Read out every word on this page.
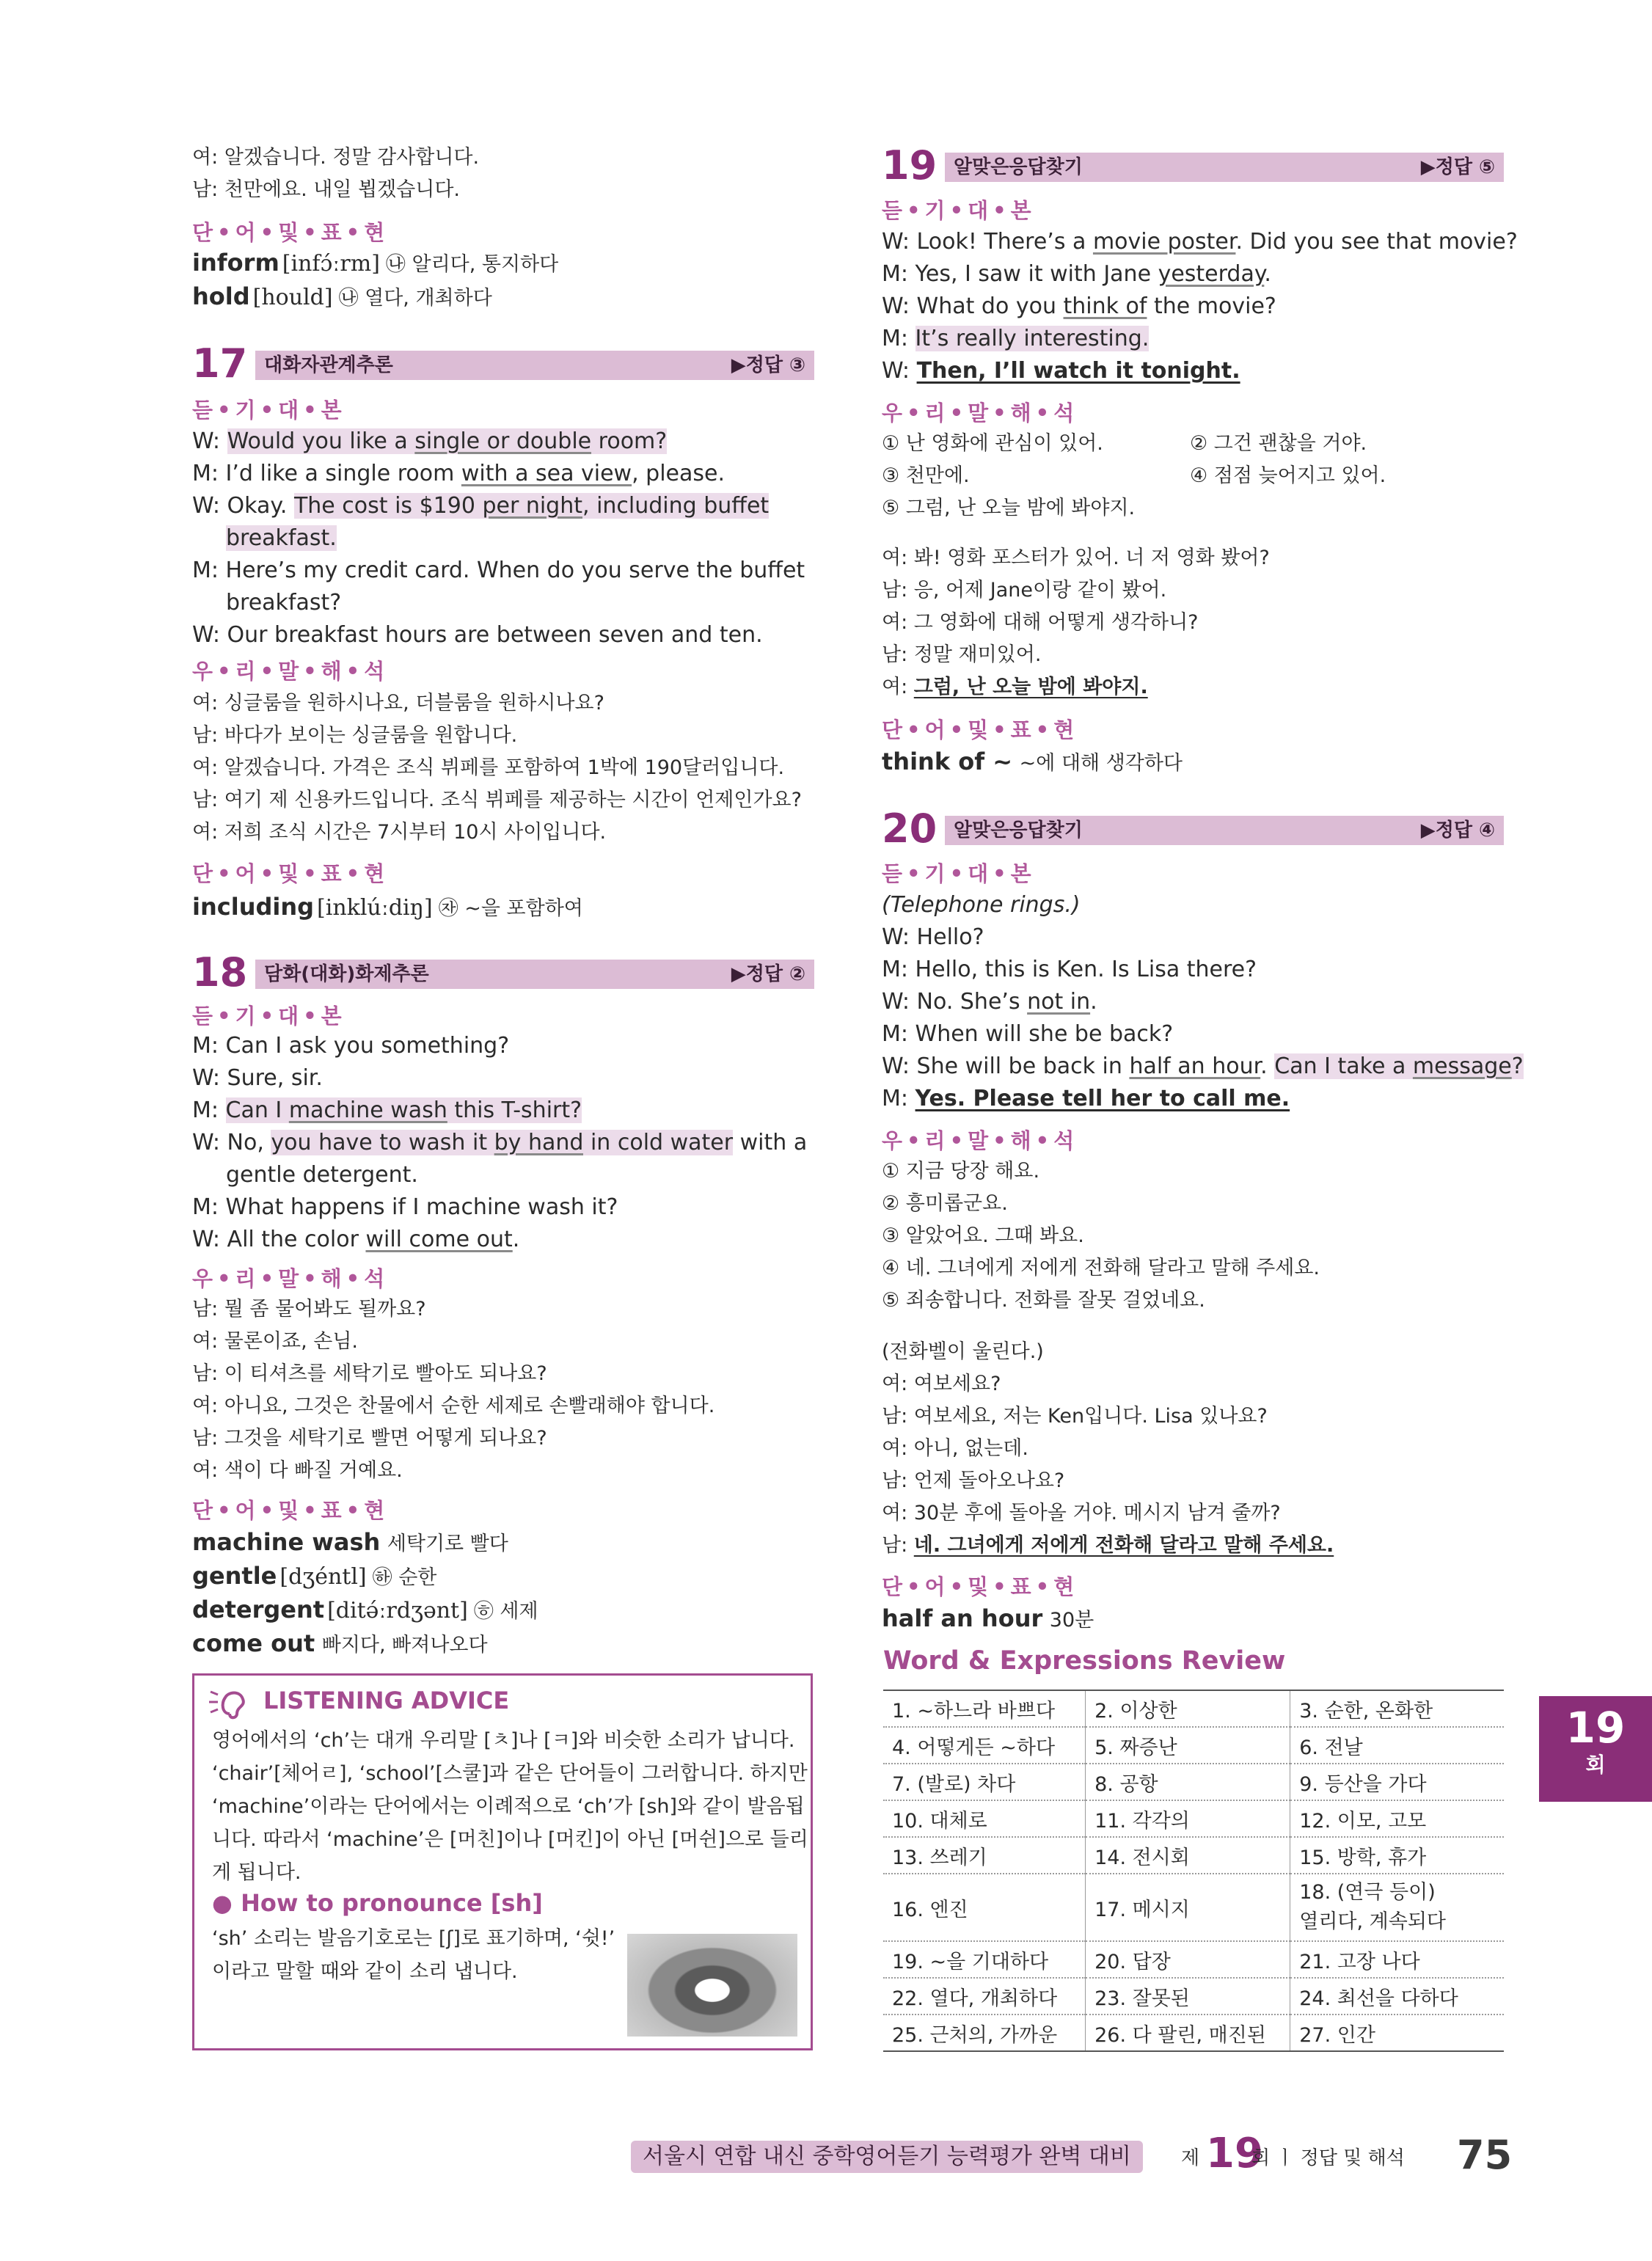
여: 알겠습니다. 정말 감사합니다.
남: 천만에요. 내일 뵙겠습니다.
단•어•및•표•현
inform [infɔ́ːrm] ㉯ 알리다, 통지하다
hold [hould] ㉯ 열다, 개최하다
17 대화자관계추론	▶정답 ③
듣•기•대•본
W: Would you like a single or double room?
M: I’d like a single room with a sea view, please.
W: Okay. The cost is $190 per night, including buffet
breakfast.
M: Here’s my credit card. When do you serve the buffet
breakfast?
W: Our breakfast hours are between seven and ten.
우•리•말•해•석
여: 싱글룸을 원하시나요, 더블룸을 원하시나요?
남: 바다가 보이는 싱글룸을 원합니다.
여: 알겠습니다. 가격은 조식 뷔페를 포함하여 1박에 190달러입니다.
남: 여기 제 신용카드입니다. 조식 뷔페를 제공하는 시간이 언제인가요?
여: 저희 조식 시간은 7시부터 10시 사이입니다.
단•어•및•표•현
including [inklúːdiŋ] ㉶ ~을 포함하여
18 담화(대화)화제추론	▶정답 ②
듣•기•대•본
M: Can I ask you something?
W: Sure, sir.
M: Can I machine wash this T-shirt?
W: No, you have to wash it by hand in cold water with a
gentle detergent.
M: What happens if I machine wash it?
W: All the color will come out.
우•리•말•해•석
남: 뭘 좀 물어봐도 될까요?
여: 물론이죠, 손님.
남: 이 티셔츠를 세탁기로 빨아도 되나요?
여: 아니요, 그것은 찬물에서 순한 세제로 손빨래해야 합니다.
남: 그것을 세탁기로 빨면 어떻게 되나요?
여: 색이 다 빠질 거예요.
단•어•및•표•현
machine wash 세탁기로 빨다
gentle [dʒéntl] ㉻ 순한
detergent [ditə́ːrdʒənt] ㉭ 세제
come out 빠지다, 빠져나오다
19 알맞은응답찾기	▶정답 ⑤
듣•기•대•본
W: Look! There’s a movie poster. Did you see that movie?
M: Yes, I saw it with Jane yesterday.
W: What do you think of the movie?
M: It’s really interesting.
W: Then, I’ll watch it tonight.
우•리•말•해•석
① 난 영화에 관심이 있어.	② 그건 괜찮을 거야.
③ 천만에.	④ 점점 늦어지고 있어.
⑤ 그럼, 난 오늘 밤에 봐야지.
여: 봐! 영화 포스터가 있어. 너 저 영화 봤어?
남: 응, 어제 Jane이랑 같이 봤어.
여: 그 영화에 대해 어떻게 생각하니?
남: 정말 재미있어.
여: 그럼, 난 오늘 밤에 봐야지.
단•어•및•표•현
think of ~ ~에 대해 생각하다
20 알맞은응답찾기	▶정답 ④
듣•기•대•본
(Telephone rings.)
W: Hello?
M: Hello, this is Ken. Is Lisa there?
W: No. She’s not in.
M: When will she be back?
W: She will be back in half an hour. Can I take a message?
M: Yes. Please tell her to call me.
우•리•말•해•석
① 지금 당장 해요.
② 흥미롭군요.
③ 알았어요. 그때 봐요.
④ 네. 그녀에게 저에게 전화해 달라고 말해 주세요.
⑤ 죄송합니다. 전화를 잘못 걸었네요.
(전화벨이 울린다.)
여: 여보세요?
남: 여보세요, 저는 Ken입니다. Lisa 있나요?
여: 아니, 없는데.
남: 언제 돌아오나요?
여: 30분 후에 돌아올 거야. 메시지 남겨 줄까?
남: 네. 그녀에게 저에게 전화해 달라고 말해 주세요.
단•어•및•표•현
half an hour 30분
LISTENING ADVICE
영어에서의 ‘ch’는 대개 우리말 [ㅊ]나 [ㅋ]와 비슷한 소리가 납니다.
‘chair’[체어ㄹ], ‘school’[스쿨]과 같은 단어들이 그러합니다. 하지만
‘machine’이라는 단어에서는 이례적으로 ‘ch’가 [sh]와 같이 발음됩
니다. 따라서 ‘machine’은 [머친]이나 [머킨]이 아닌 [머쉰]으로 들리
게 됩니다.
● How to pronounce [sh]
‘sh’ 소리는 발음기호로는 [ʃ]로 표기하며, ‘쉿!’
이라고 말할 때와 같이 소리 냅니다.
Word & Expressions Review
1. ~하느라 바쁘다	2. 이상한	3. 순한, 온화한
4. 어떻게든 ~하다	5. 짜증난	6. 전날
7. (발로) 차다	8. 공항	9. 등산을 가다
10. 대체로	11. 각각의	12. 이모, 고모
13. 쓰레기	14. 전시회	15. 방학, 휴가
16. 엔진	17. 메시지	18. (연극 등이)
열리다, 계속되다
19. ~을 기대하다	20. 답장	21. 고장 나다
22. 열다, 개최하다	23. 잘못된	24. 최선을 다하다
25. 근처의, 가까운	26. 다 팔린, 매진된	27. 인간
19
회
서울시 연합 내신 중학영어듣기 능력평가 완벽 대비	제 19
회 ㅣ 정답 및 해석 75
